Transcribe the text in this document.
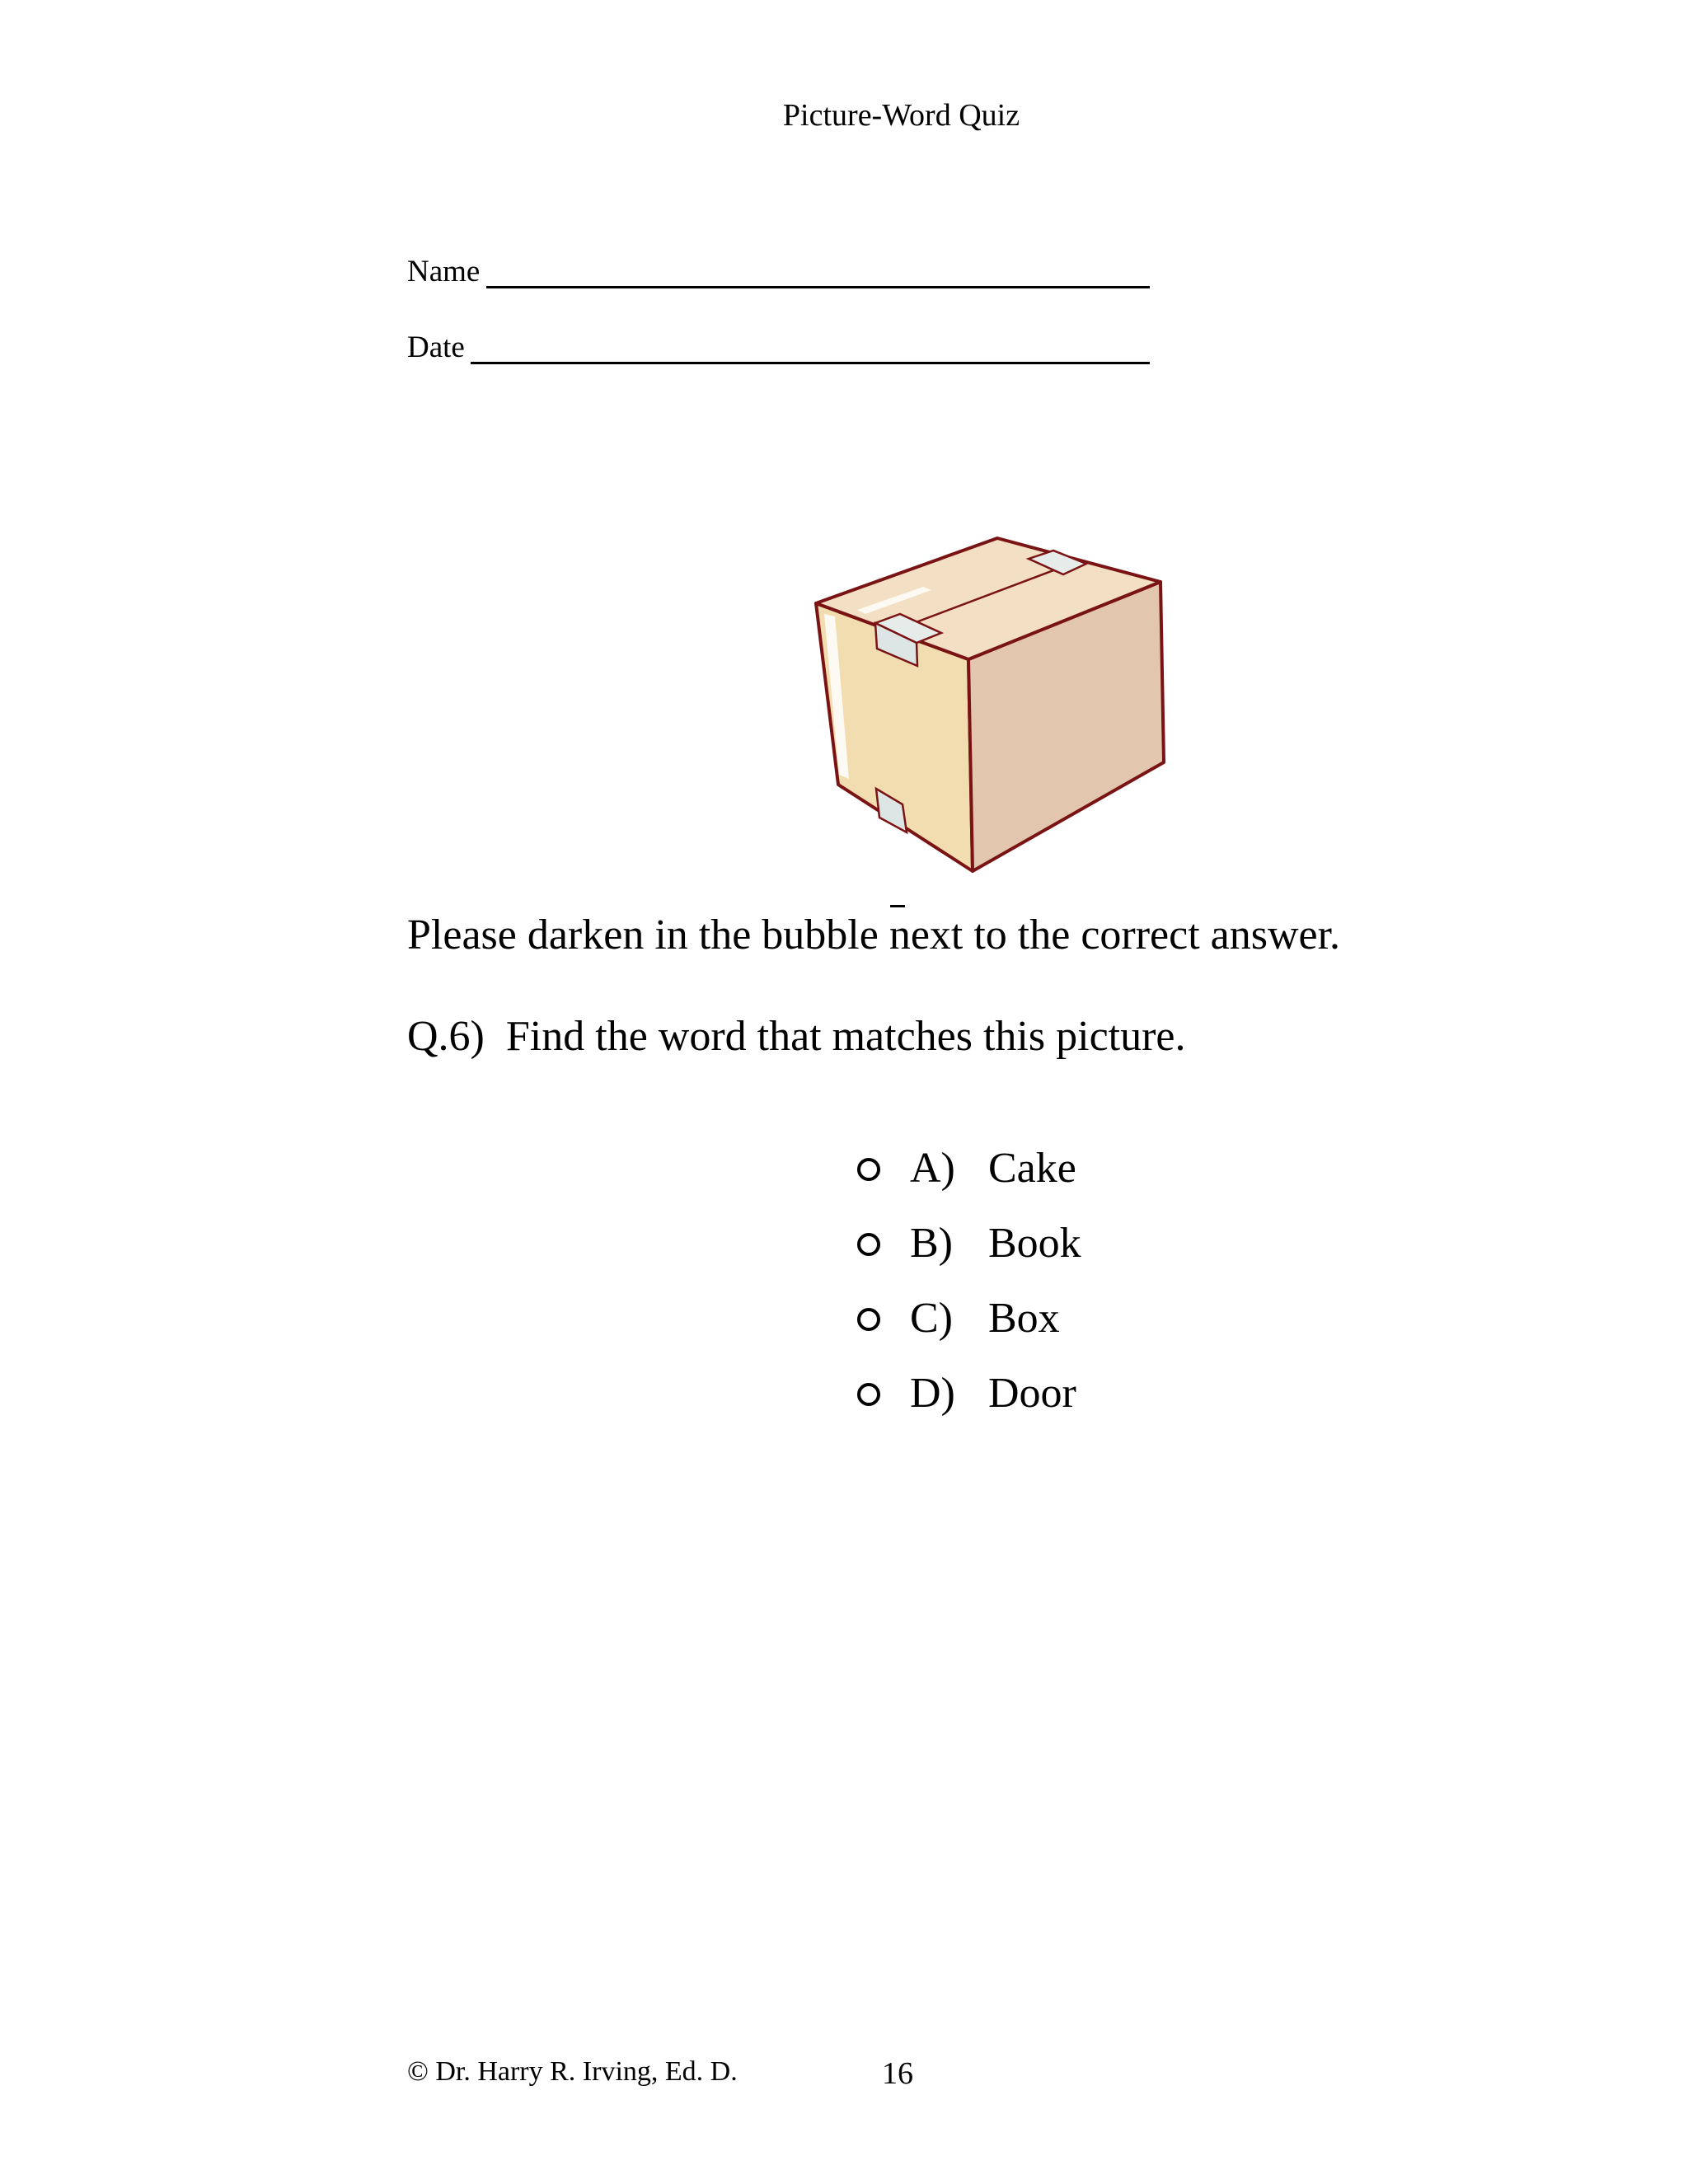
Picture-Word Quiz
Name
Date
Please darken in the bubble next to the correct answer.
Q.6) Find the word that matches this picture.
A) Cake
B) Book
C) Box
D) Door
© Dr. Harry R. Irving, Ed. D.	16
